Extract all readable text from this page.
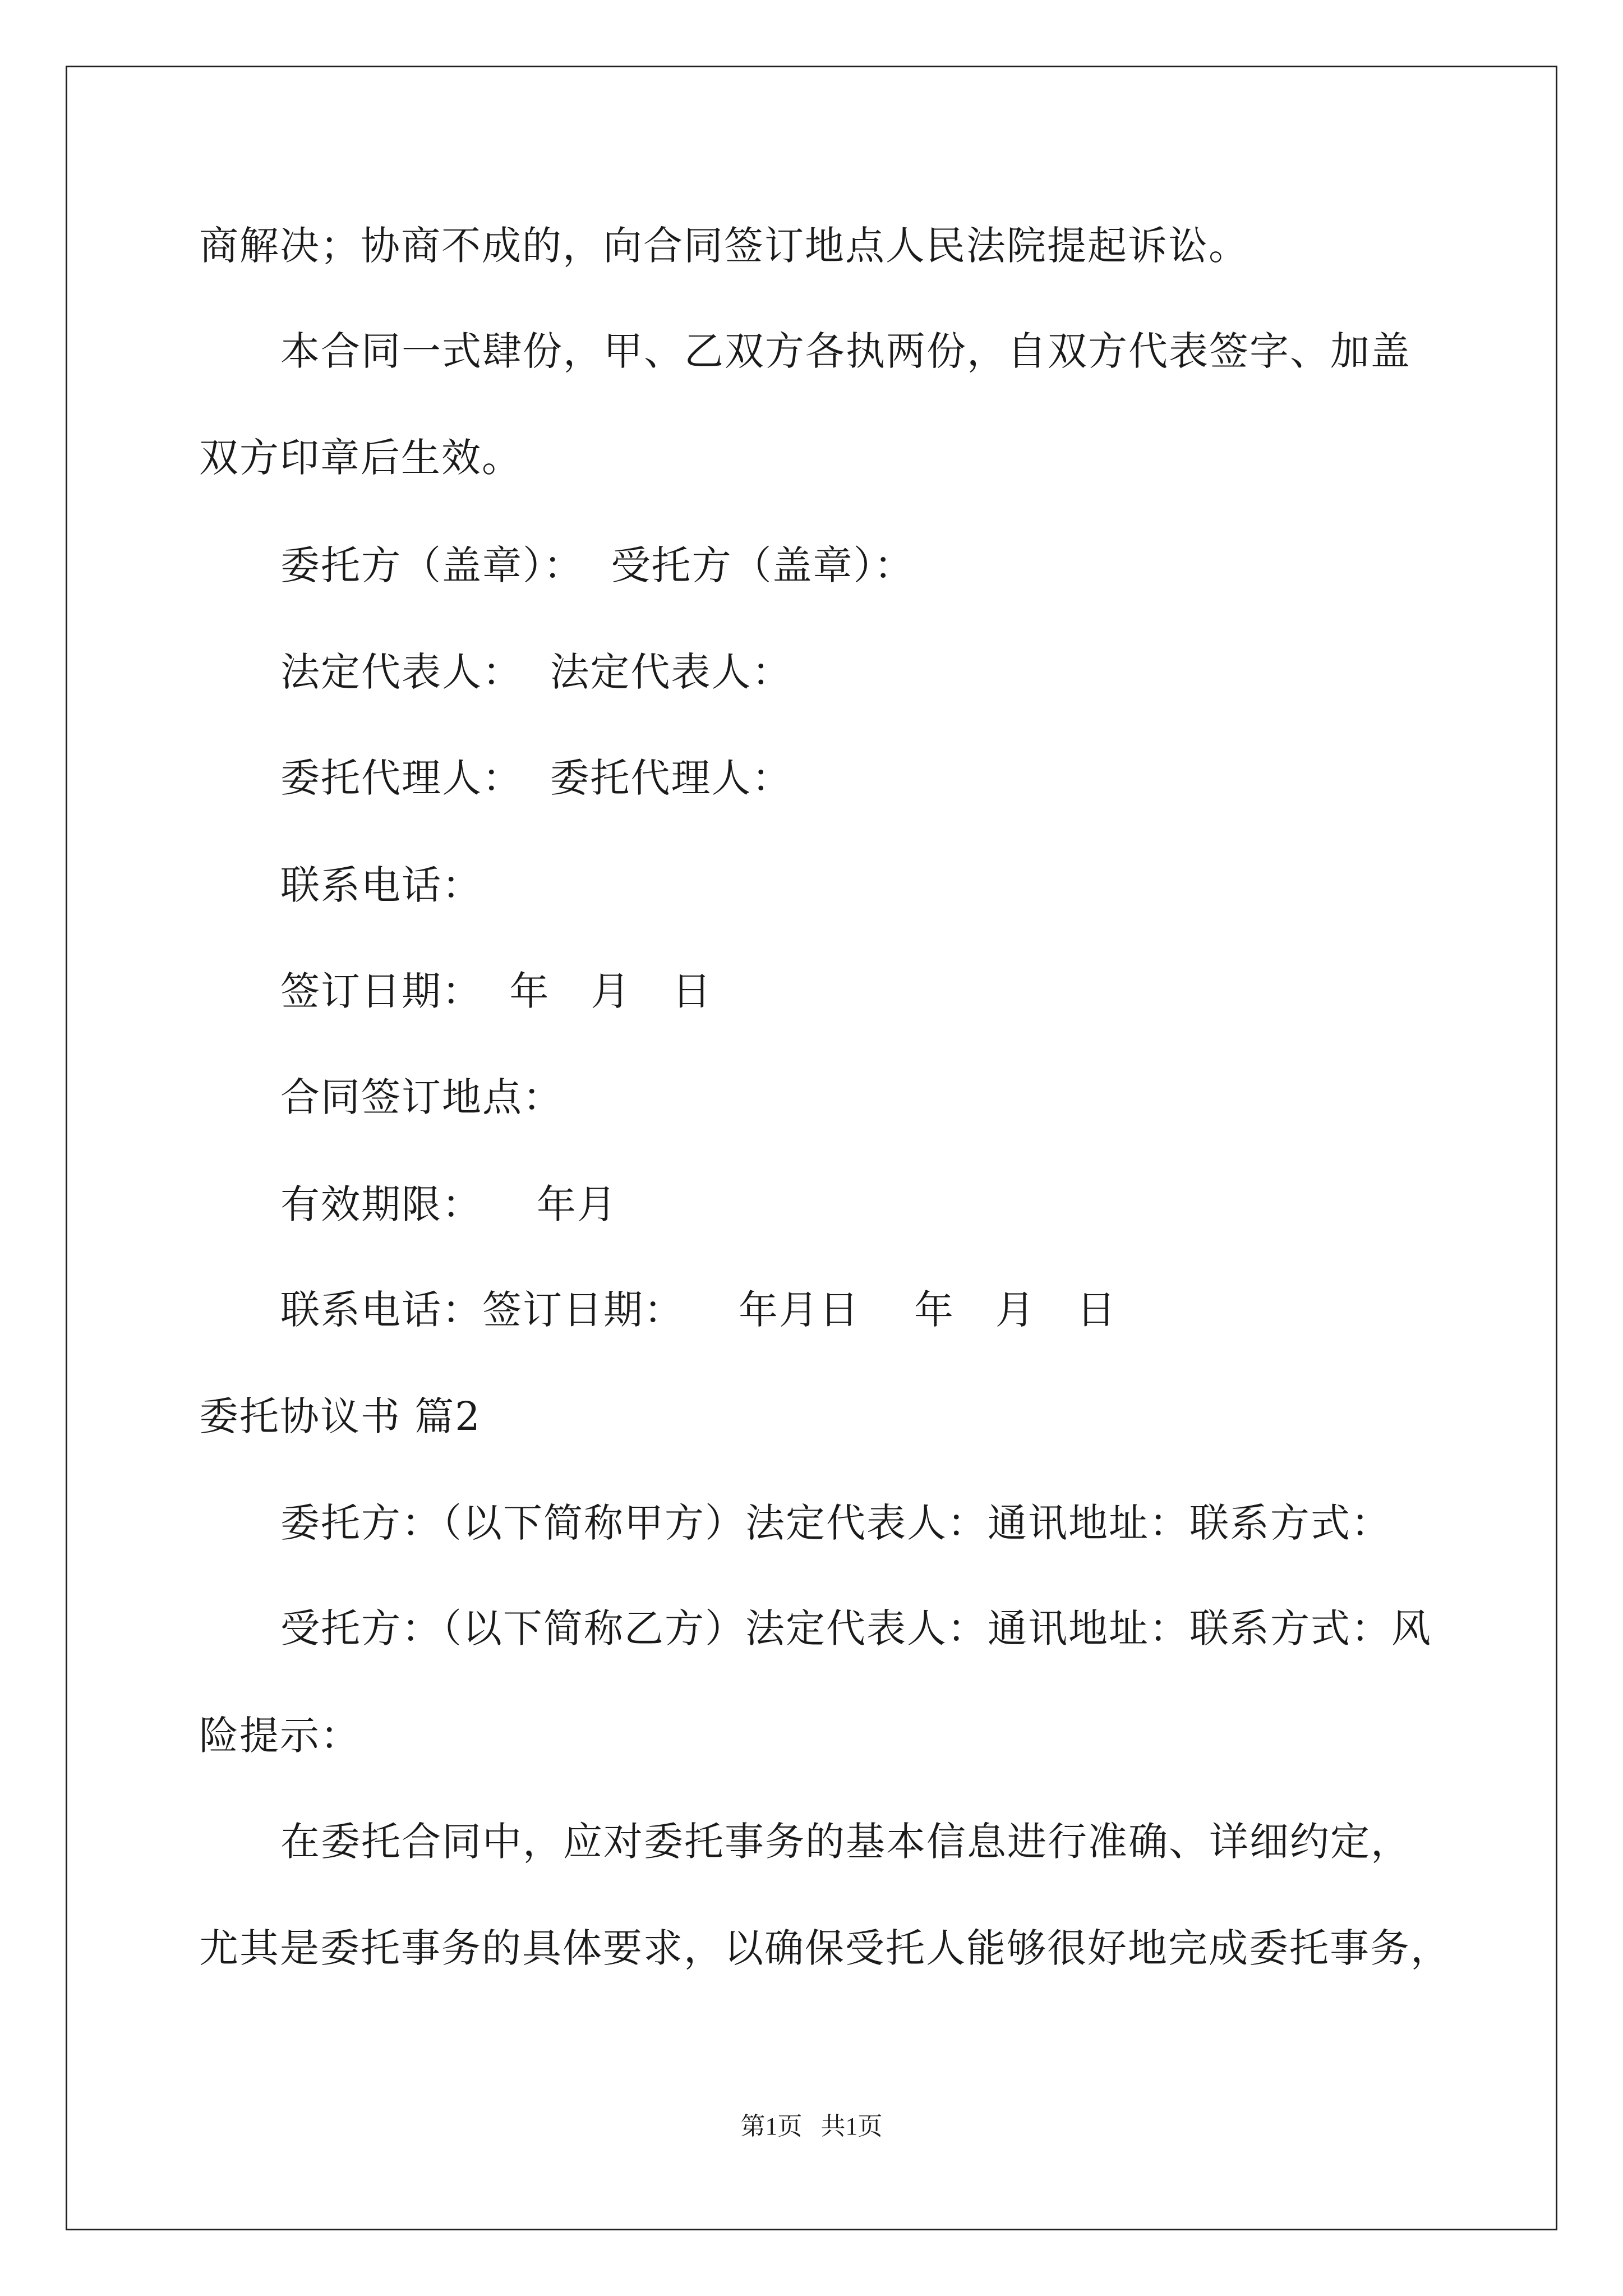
商解决；协商不成的，向合同签订地点人民法院提起诉讼。
本合同一式肆份，甲、乙双方各执两份，自双方代表签字、加盖
双方印章后生效。
委托方（盖章）：  受托方（盖章）：
法定代表人：  法定代表人：
委托代理人：  委托代理人：
联系电话：
签订日期：  年   月   日
合同签订地点：
有效期限：    年月
联系电话：签订日期：    年月日    年   月   日
委托协议书 篇2
委托方：（以下简称甲方）法定代表人：通讯地址：联系方式：
受托方：（以下简称乙方）法定代表人：通讯地址：联系方式：风
险提示：
在委托合同中，应对委托事务的基本信息进行准确、详细约定，
尤其是委托事务的具体要求，以确保受托人能够很好地完成委托事务，
第1页   共1页
